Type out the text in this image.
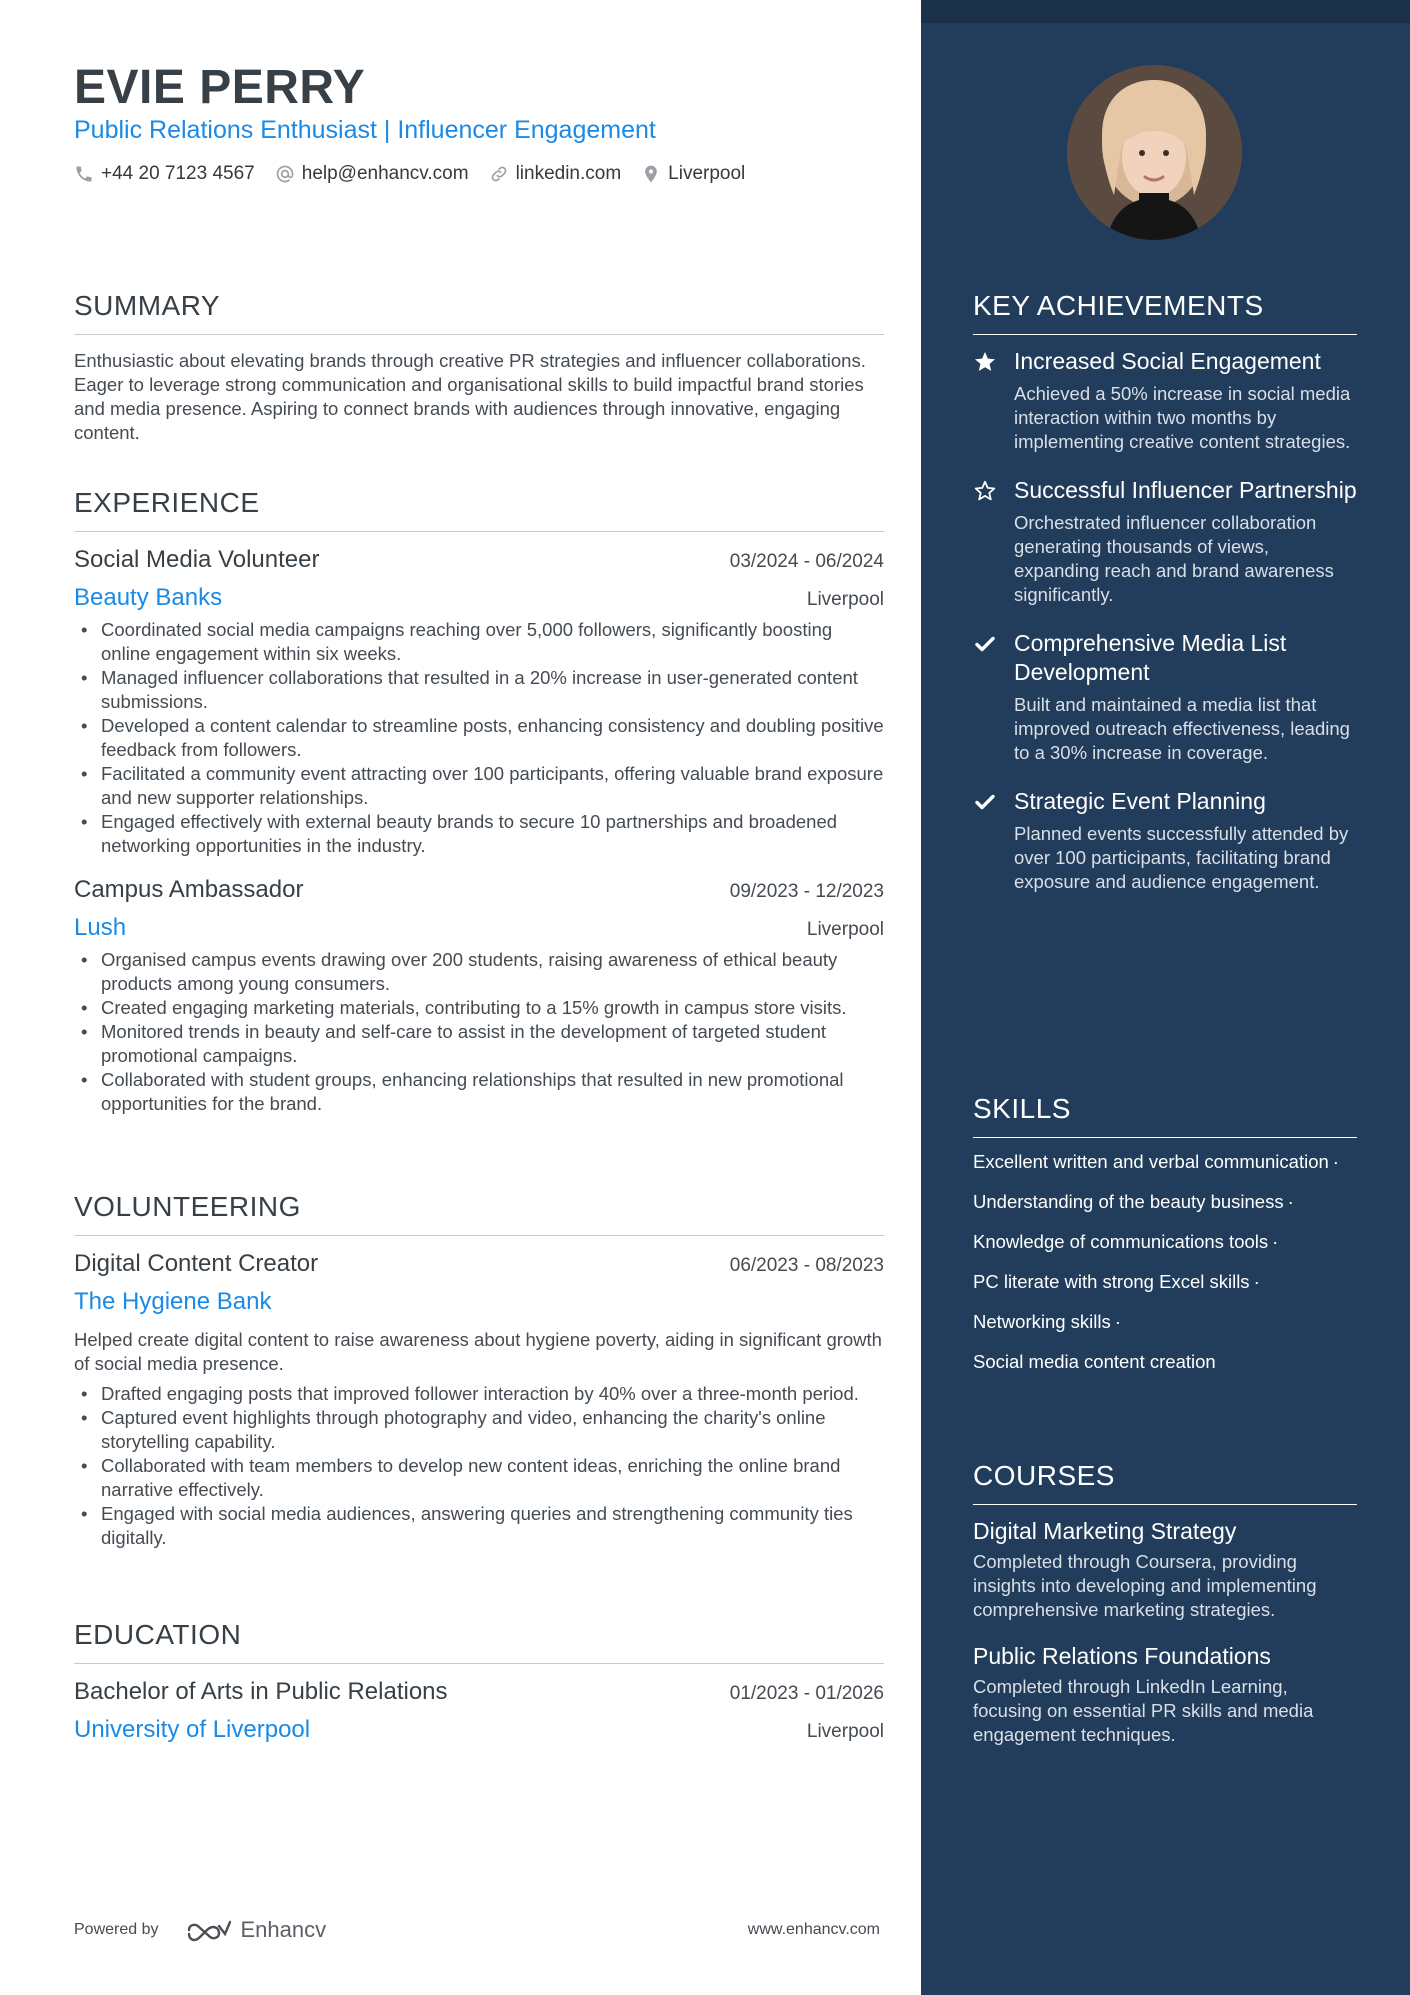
EVIE PERRY
Public Relations Enthusiast | Influencer Engagement
+44 20 7123 4567 help@enhancv.com linkedin.com Liverpool
SUMMARY

Enthusiastic about elevating brands through creative PR strategies and influencer collaborations. Eager to leverage strong communication and organisational skills to build impactful brand stories and media presence. Aspiring to connect brands with audiences through innovative, engaging content.

EXPERIENCE
Social Media Volunteer	03/2024 - 06/2024
Beauty Banks	Liverpool
• Coordinated social media campaigns reaching over 5,000 followers, significantly boosting online engagement within six weeks.
• Managed influencer collaborations that resulted in a 20% increase in user-generated content submissions.
• Developed a content calendar to streamline posts, enhancing consistency and doubling positive feedback from followers.
• Facilitated a community event attracting over 100 participants, offering valuable brand exposure and new supporter relationships.
• Engaged effectively with external beauty brands to secure 10 partnerships and broadened networking opportunities in the industry.
Campus Ambassador	09/2023 - 12/2023
Lush	Liverpool
• Organised campus events drawing over 200 students, raising awareness of ethical beauty products among young consumers.
• Created engaging marketing materials, contributing to a 15% growth in campus store visits.
• Monitored trends in beauty and self-care to assist in the development of targeted student promotional campaigns.
• Collaborated with student groups, enhancing relationships that resulted in new promotional opportunities for the brand.
VOLUNTEERING
Digital Content Creator	06/2023 - 08/2023
The Hygiene Bank
Helped create digital content to raise awareness about hygiene poverty, aiding in significant growth of social media presence.
• Drafted engaging posts that improved follower interaction by 40% over a three-month period.
• Captured event highlights through photography and video, enhancing the charity's online storytelling capability.
• Collaborated with team members to develop new content ideas, enriching the online brand narrative effectively.
• Engaged with social media audiences, answering queries and strengthening community ties digitally.
EDUCATION
Bachelor of Arts in Public Relations	01/2023 - 01/2026
University of Liverpool	Liverpool
Powered by	Enhancv	www.enhancv.com
KEY ACHIEVEMENTS
Increased Social Engagement
Achieved a 50% increase in social media interaction within two months by implementing creative content strategies.
Successful Influencer Partnership
Orchestrated influencer collaboration generating thousands of views, expanding reach and brand awareness significantly.
Comprehensive Media List Development
Built and maintained a media list that improved outreach effectiveness, leading to a 30% increase in coverage.
Strategic Event Planning
Planned events successfully attended by over 100 participants, facilitating brand exposure and audience engagement.
SKILLS
Excellent written and verbal communication ·
Understanding of the beauty business ·
Knowledge of communications tools ·
PC literate with strong Excel skills ·
Networking skills ·
Social media content creation
COURSES
Digital Marketing Strategy
Completed through Coursera, providing insights into developing and implementing comprehensive marketing strategies.
Public Relations Foundations
Completed through LinkedIn Learning, focusing on essential PR skills and media engagement techniques.
